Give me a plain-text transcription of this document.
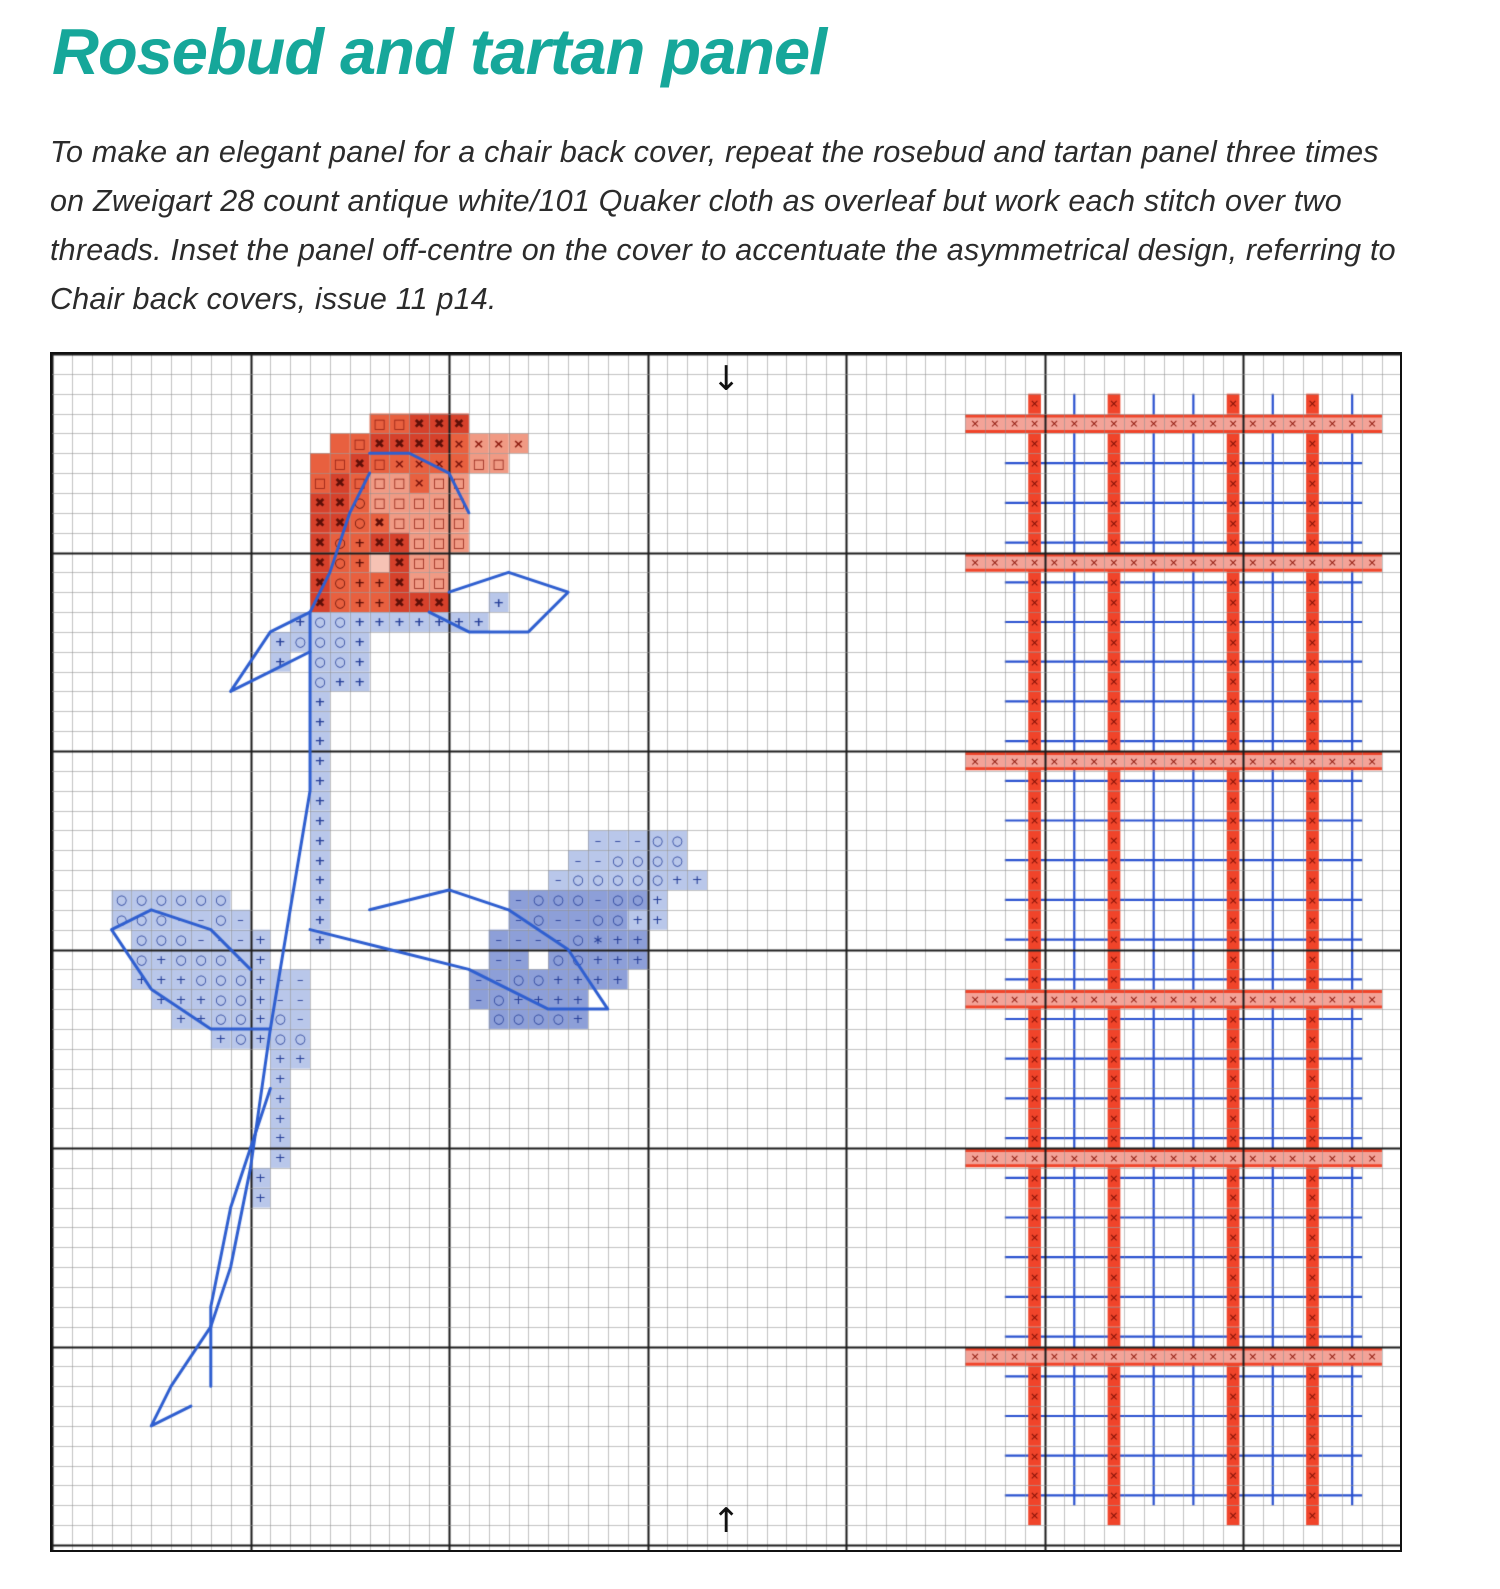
Rosebud and tartan panel
To make an elegant panel for a chair back cover, repeat the rosebud and tartan panel three times on Zweigart 28 count antique white/101 Quaker cloth as overleaf but work each stitch over two threads. Inset the panel off-centre on the cover to accentuate the asymmetrical design, referring to Chair back covers, issue 11 p14.
↓
↑
